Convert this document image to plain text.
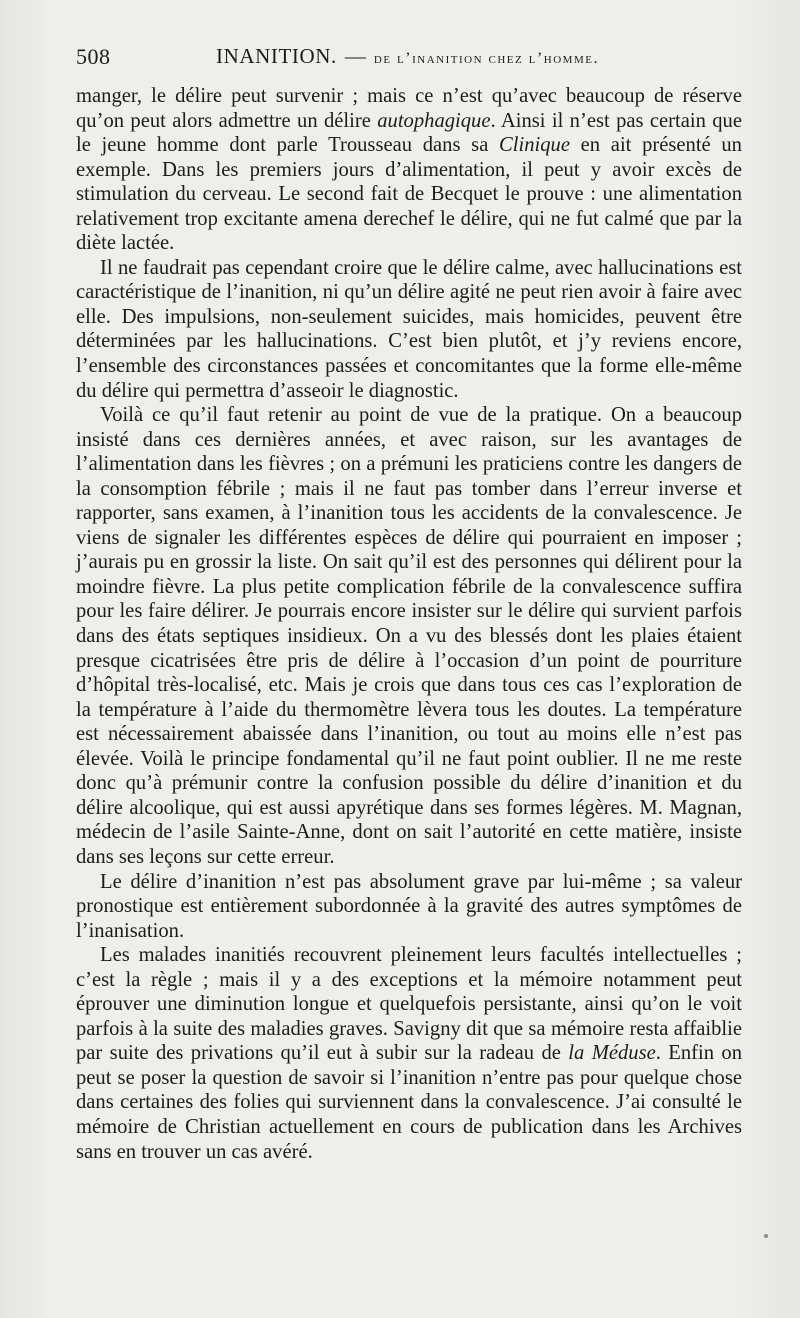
508	INANITION. — de l’inanition chez l’homme.

manger, le délire peut survenir ; mais ce n’est qu’avec beaucoup de réserve qu’on peut alors admettre un délire autophagique. Ainsi il n’est pas certain que le jeune homme dont parle Trousseau dans sa Clinique en ait présenté un exemple. Dans les premiers jours d’alimentation, il peut y avoir excès de stimulation du cerveau. Le second fait de Becquet le prouve : une alimentation relativement trop excitante amena derechef le délire, qui ne fut calmé que par la diète lactée.

Il ne faudrait pas cependant croire que le délire calme, avec hallucinations est caractéristique de l’inanition, ni qu’un délire agité ne peut rien avoir à faire avec elle. Des impulsions, non-seulement suicides, mais homicides, peuvent être déterminées par les hallucinations. C’est bien plutôt, et j’y reviens encore, l’ensemble des circonstances passées et concomitantes que la forme elle-même du délire qui permettra d’asseoir le diagnostic.

Voilà ce qu’il faut retenir au point de vue de la pratique. On a beaucoup insisté dans ces dernières années, et avec raison, sur les avantages de l’alimentation dans les fièvres ; on a prémuni les praticiens contre les dangers de la consomption fébrile ; mais il ne faut pas tomber dans l’erreur inverse et rapporter, sans examen, à l’inanition tous les accidents de la convalescence. Je viens de signaler les différentes espèces de délire qui pourraient en imposer ; j’aurais pu en grossir la liste. On sait qu’il est des personnes qui délirent pour la moindre fièvre. La plus petite complication fébrile de la convalescence suffira pour les faire délirer. Je pourrais encore insister sur le délire qui survient parfois dans des états septiques insidieux. On a vu des blessés dont les plaies étaient presque cicatrisées être pris de délire à l’occasion d’un point de pourriture d’hôpital très-localisé, etc. Mais je crois que dans tous ces cas l’exploration de la température à l’aide du thermomètre lèvera tous les doutes. La température est nécessairement abaissée dans l’inanition, ou tout au moins elle n’est pas élevée. Voilà le principe fondamental qu’il ne faut point oublier. Il ne me reste donc qu’à prémunir contre la confusion possible du délire d’inanition et du délire alcoolique, qui est aussi apyrétique dans ses formes légères. M. Magnan, médecin de l’asile Sainte-Anne, dont on sait l’autorité en cette matière, insiste dans ses leçons sur cette erreur.

Le délire d’inanition n’est pas absolument grave par lui-même ; sa valeur pronostique est entièrement subordonnée à la gravité des autres symptômes de l’inanisation.

Les malades inanitiés recouvrent pleinement leurs facultés intellectuelles ; c’est la règle ; mais il y a des exceptions et la mémoire notamment peut éprouver une diminution longue et quelquefois persistante, ainsi qu’on le voit parfois à la suite des maladies graves. Savigny dit que sa mémoire resta affaiblie par suite des privations qu’il eut à subir sur la radeau de la Méduse. Enfin on peut se poser la question de savoir si l’inanition n’entre pas pour quelque chose dans certaines des folies qui surviennent dans la convalescence. J’ai consulté le mémoire de Christian actuellement en cours de publication dans les Archives sans en trouver un cas avéré.
